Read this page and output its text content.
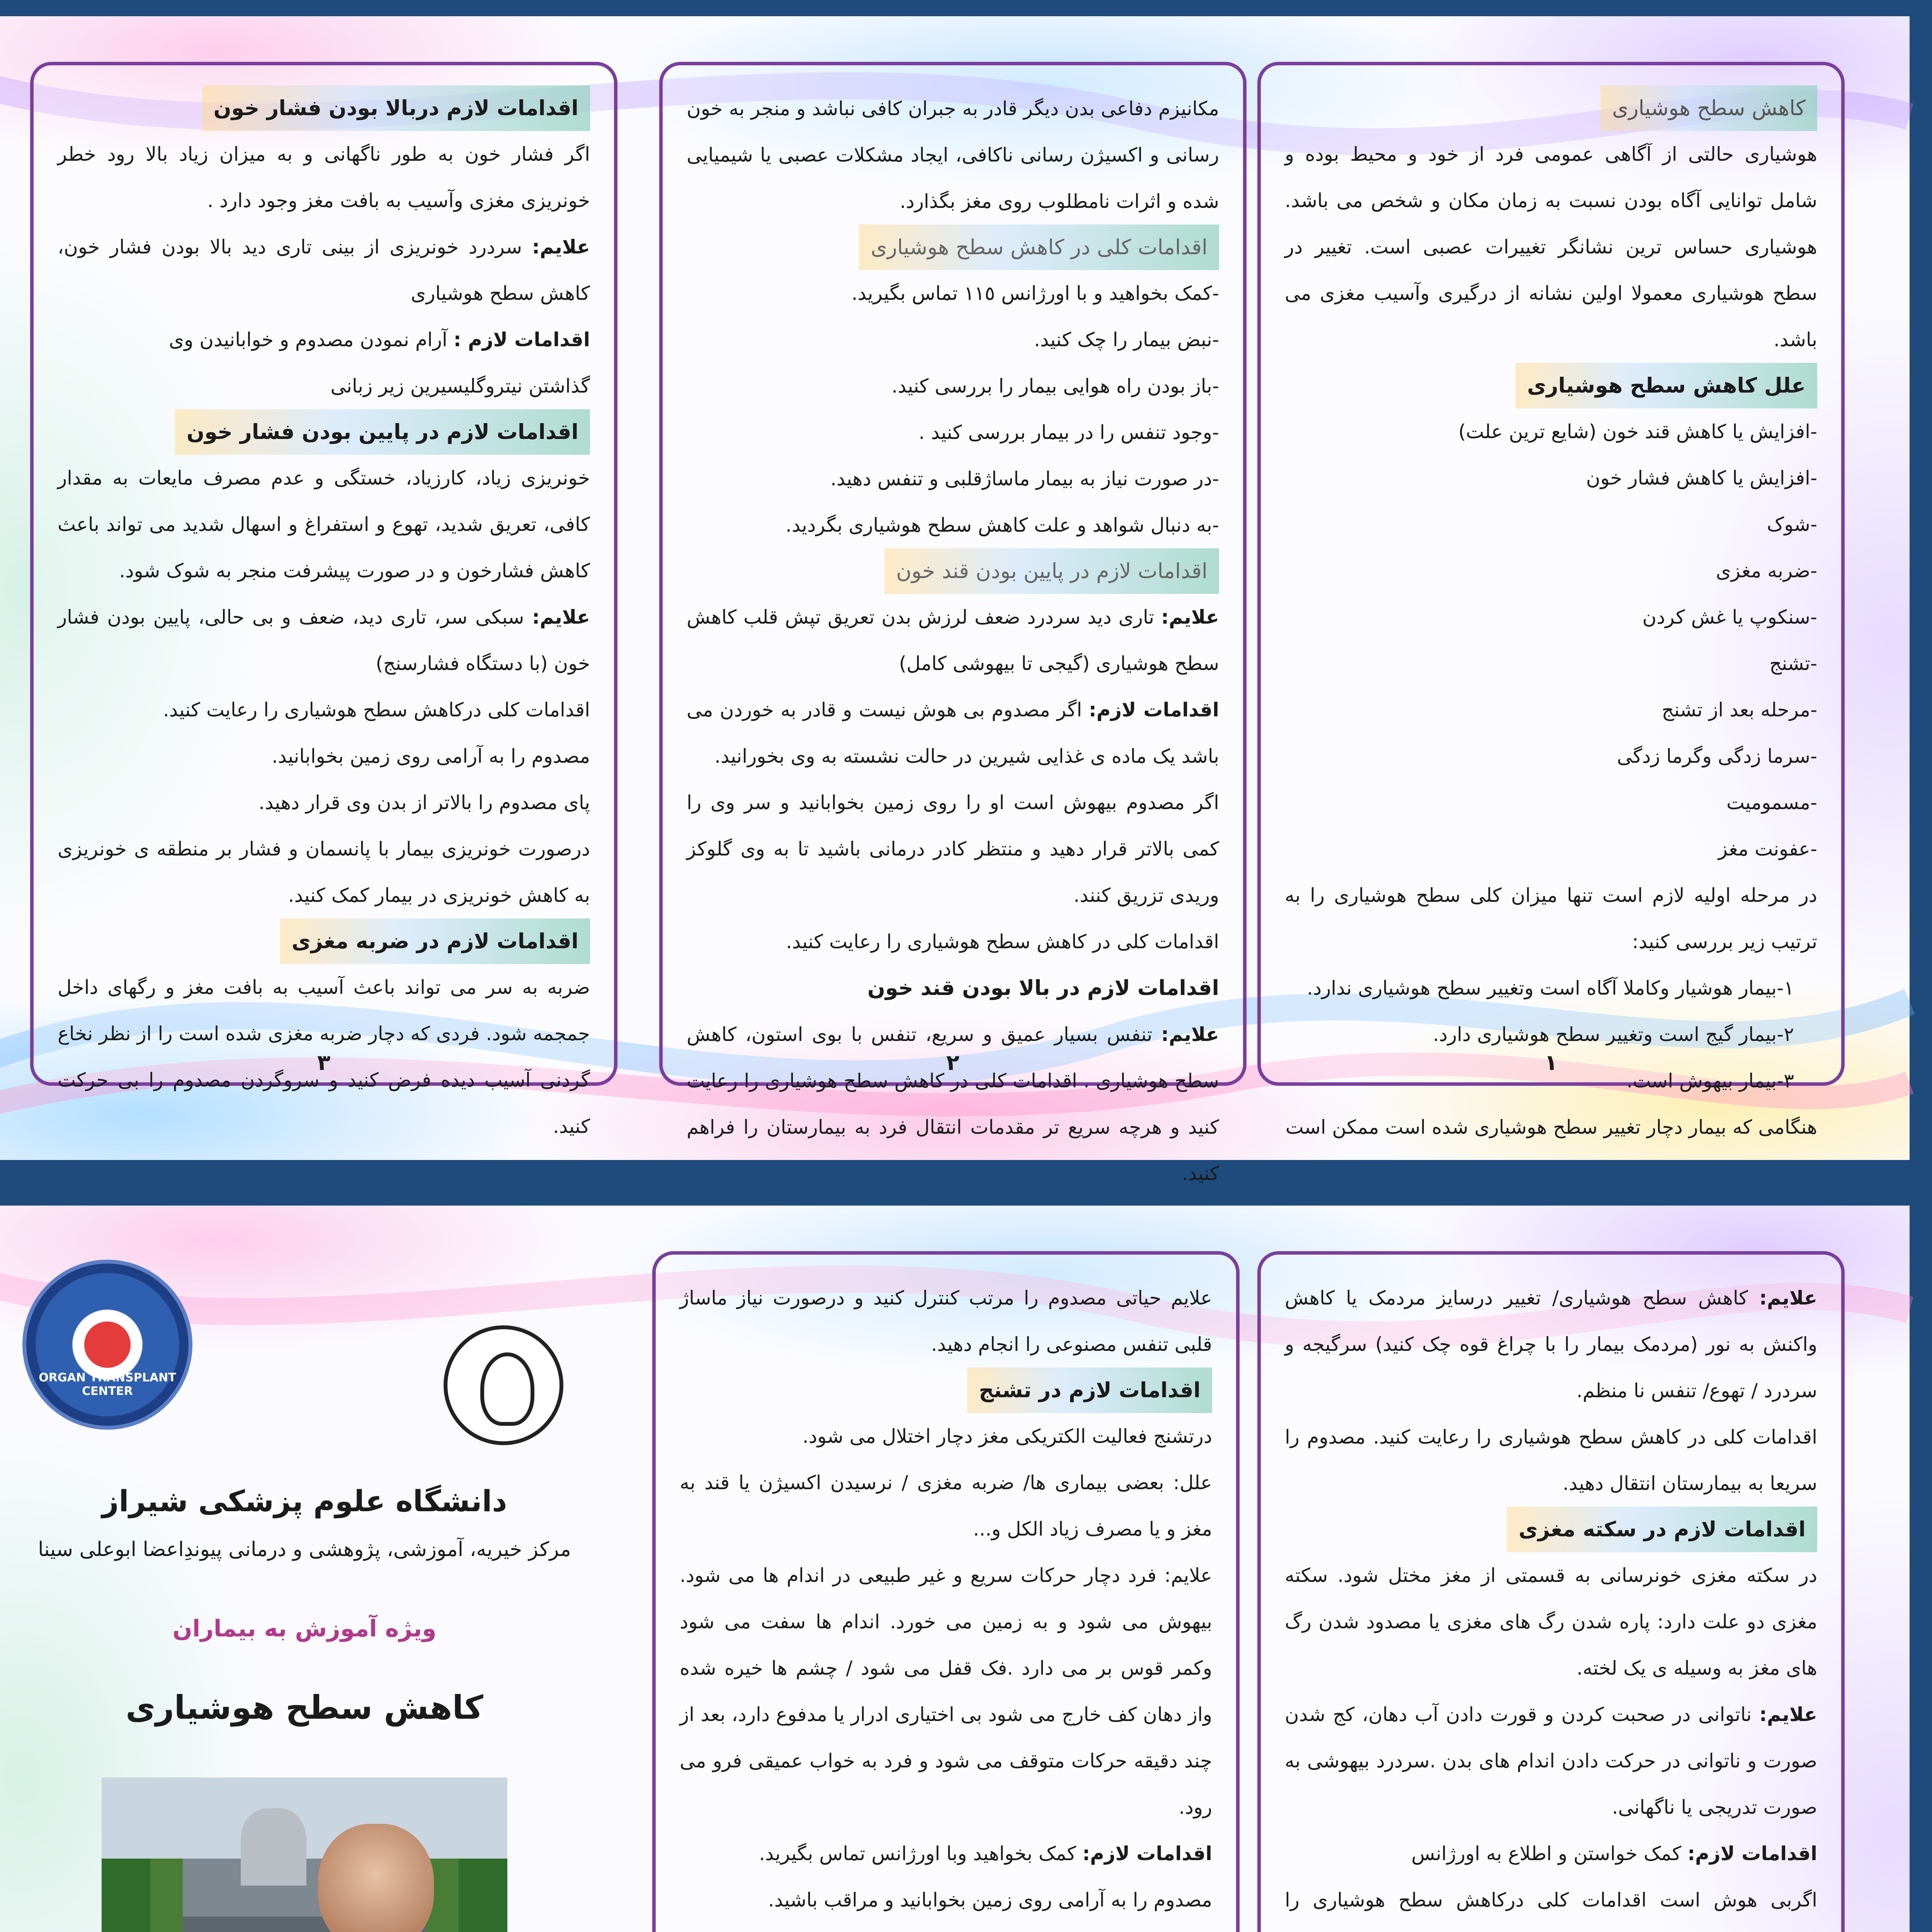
کاهش سطح هوشیاری

هوشیاری حالتی از آگاهی عمومی فرد از خود و محیط بوده و شامل توانایی آگاه بودن نسبت به زمان مکان و شخص می باشد. هوشیاری حساس ترین نشانگر تغییرات عصبی است. تغییر در سطح هوشیاری معمولا اولین نشانه از درگیری وآسیب مغزی می باشد.

علل کاهش سطح هوشیاری

-افزایش یا کاهش قند خون (شایع ترین علت)

-افزایش یا کاهش فشار خون

-شوک

-ضربه مغزی

-سنکوپ یا غش کردن

-تشنج

-مرحله بعد از تشنج

-سرما زدگی وگرما زدگی

-مسمومیت

-عفونت مغز

در مرحله اولیه لازم است تنها میزان کلی سطح هوشیاری را به ترتیب زیر بررسی کنید:

١-بیمار هوشیار وکاملا آگاه است وتغییر سطح هوشیاری ندارد.

٢-بیمار گیج است وتغییر سطح هوشیاری دارد.

٣-بیمار بیهوش است.

هنگامی که بیمار دچار تغییر سطح هوشیاری شده است ممکن است

١

مکانیزم دفاعی بدن دیگر قادر به جبران کافی نباشد و منجر به خون رسانی و اکسیژن رسانی ناکافی، ایجاد مشکلات عصبی یا شیمیایی شده و اثرات نامطلوب روی مغز بگذارد.

اقدامات کلی در کاهش سطح هوشیاری

-کمک بخواهید و با اورژانس ١١٥ تماس بگیرید.

-نبض بیمار را چک کنید.

-باز بودن راه هوایی بیمار را بررسی کنید.

-وجود تنفس را در بیمار بررسی کنید .

-در صورت نیاز به بیمار ماساژقلبی و تنفس دهید.

-به دنبال شواهد و علت کاهش سطح هوشیاری بگردید.

اقدامات لازم در پایین بودن قند خون

علایم: تاری دید سردرد ضعف لرزش بدن تعریق تپش قلب کاهش سطح هوشیاری (گیجی تا بیهوشی کامل)

اقدامات لازم: اگر مصدوم بی هوش نیست و قادر به خوردن می باشد یک ماده ی غذایی شیرین در حالت نشسته به وی بخورانید.

اگر مصدوم بیهوش است او را روی زمین بخوابانید و سر وی را کمی بالاتر قرار دهید و منتظر کادر درمانی باشید تا به وی گلوکز وریدی تزریق کنند.

اقدامات کلی در کاهش سطح هوشیاری را رعایت کنید.

اقدامات لازم در بالا بودن قند خون

علایم: تنفس بسیار عمیق و سریع، تنفس با بوی استون، کاهش سطح هوشیاری . اقدامات کلی در کاهش سطح هوشیاری را رعایت کنید و هرچه سریع تر مقدمات انتقال فرد به بیمارستان را فراهم کنید.

٢
اقدامات لازم دربالا بودن فشار خون

اگر فشار خون به طور ناگهانی و به میزان زیاد بالا رود خطر خونریزی مغزی وآسیب به بافت مغز وجود دارد .

علایم: سردرد خونریزی از بینی تاری دید بالا بودن فشار خون، کاهش سطح هوشیاری

اقدامات لازم : آرام نمودن مصدوم و خوابانیدن وی

گذاشتن نیتروگلیسیرین زیر زبانی

اقدامات لازم در پایین بودن فشار خون

خونریزی زیاد، کارزیاد، خستگی و عدم مصرف مایعات به مقدار کافی، تعریق شدید، تهوع و استفراغ و اسهال شدید می تواند باعث کاهش فشارخون و در صورت پیشرفت منجر به شوک شود.

علایم: سبکی سر، تاری دید، ضعف و بی حالی، پایین بودن فشار خون (با دستگاه فشارسنج)

اقدامات کلی درکاهش سطح هوشیاری را رعایت کنید.

مصدوم را به آرامی روی زمین بخوابانید.

پای مصدوم را بالاتر از بدن وی قرار دهید.

درصورت خونریزی بیمار با پانسمان و فشار بر منطقه ی خونریزی به کاهش خونریزی در بیمار کمک کنید.

اقدامات لازم در ضربه مغزی

ضربه به سر می تواند باعث آسیب به بافت مغز و رگهای داخل جمجمه شود. فردی که دچار ضربه مغزی شده است را از نظر نخاع گردنی آسیب دیده فرض کنید و سروگردن مصدوم را بی حرکت کنید.

٣

علایم: کاهش سطح هوشیاری/ تغییر درسایز مردمک یا کاهش واکنش به نور (مردمک بیمار را با چراغ قوه چک کنید) سرگیجه و سردرد / تهوع/ تنفس نا منظم.

اقدامات کلی در کاهش سطح هوشیاری را رعایت کنید. مصدوم را سریعا به بیمارستان انتقال دهید.

اقدامات لازم در سکته مغزی

در سکته مغزی خونرسانی به قسمتی از مغز مختل شود. سکته مغزی دو علت دارد: پاره شدن رگ های مغزی یا مصدود شدن رگ های مغز به وسیله ی یک لخته.

علایم: ناتوانی در صحبت کردن و قورت دادن آب دهان، کج شدن صورت و ناتوانی در حرکت دادن اندام های بدن .سردرد بیهوشی به صورت تدریجی یا ناگهانی.

اقدامات لازم: کمک خواستن و اطلاع به اورژانس

اگربی هوش است اقدامات کلی درکاهش سطح هوشیاری را

علایم حیاتی مصدوم را مرتب کنترل کنید و درصورت نیاز ماساژ قلبی تنفس مصنوعی را انجام دهید.

اقدامات لازم در تشنج

درتشنج فعالیت الکتریکی مغز دچار اختلال می شود.

علل: بعضی بیماری ها/ ضربه مغزی / نرسیدن اکسیژن یا قند به مغز و یا مصرف زیاد الکل و...

علایم: فرد دچار حرکات سریع و غیر طبیعی در اندام ها می شود. بیهوش می شود و به زمین می خورد. اندام ها سفت می شود وکمر قوس بر می دارد .فک قفل می شود / چشم ها خیره شده واز دهان کف خارج می شود بی اختیاری ادرار یا مدفوع دارد، بعد از چند دقیقه حرکات متوقف می شود و فرد به خواب عمیقی فرو می رود.

اقدامات لازم: کمک بخواهید وبا اورژانس تماس بگیرید.

مصدوم را به آرامی روی زمین بخوابانید و مراقب باشید.

ORGAN TRANSPLANT CENTER

دانشگاه علوم پزشکی شیراز

مرکز خیریه، آموزشی، پژوهشی و درمانی پیوندِاعضا ابوعلی سینا

ویژه آموزش به بیماران

کاهش سطح هوشیاری
